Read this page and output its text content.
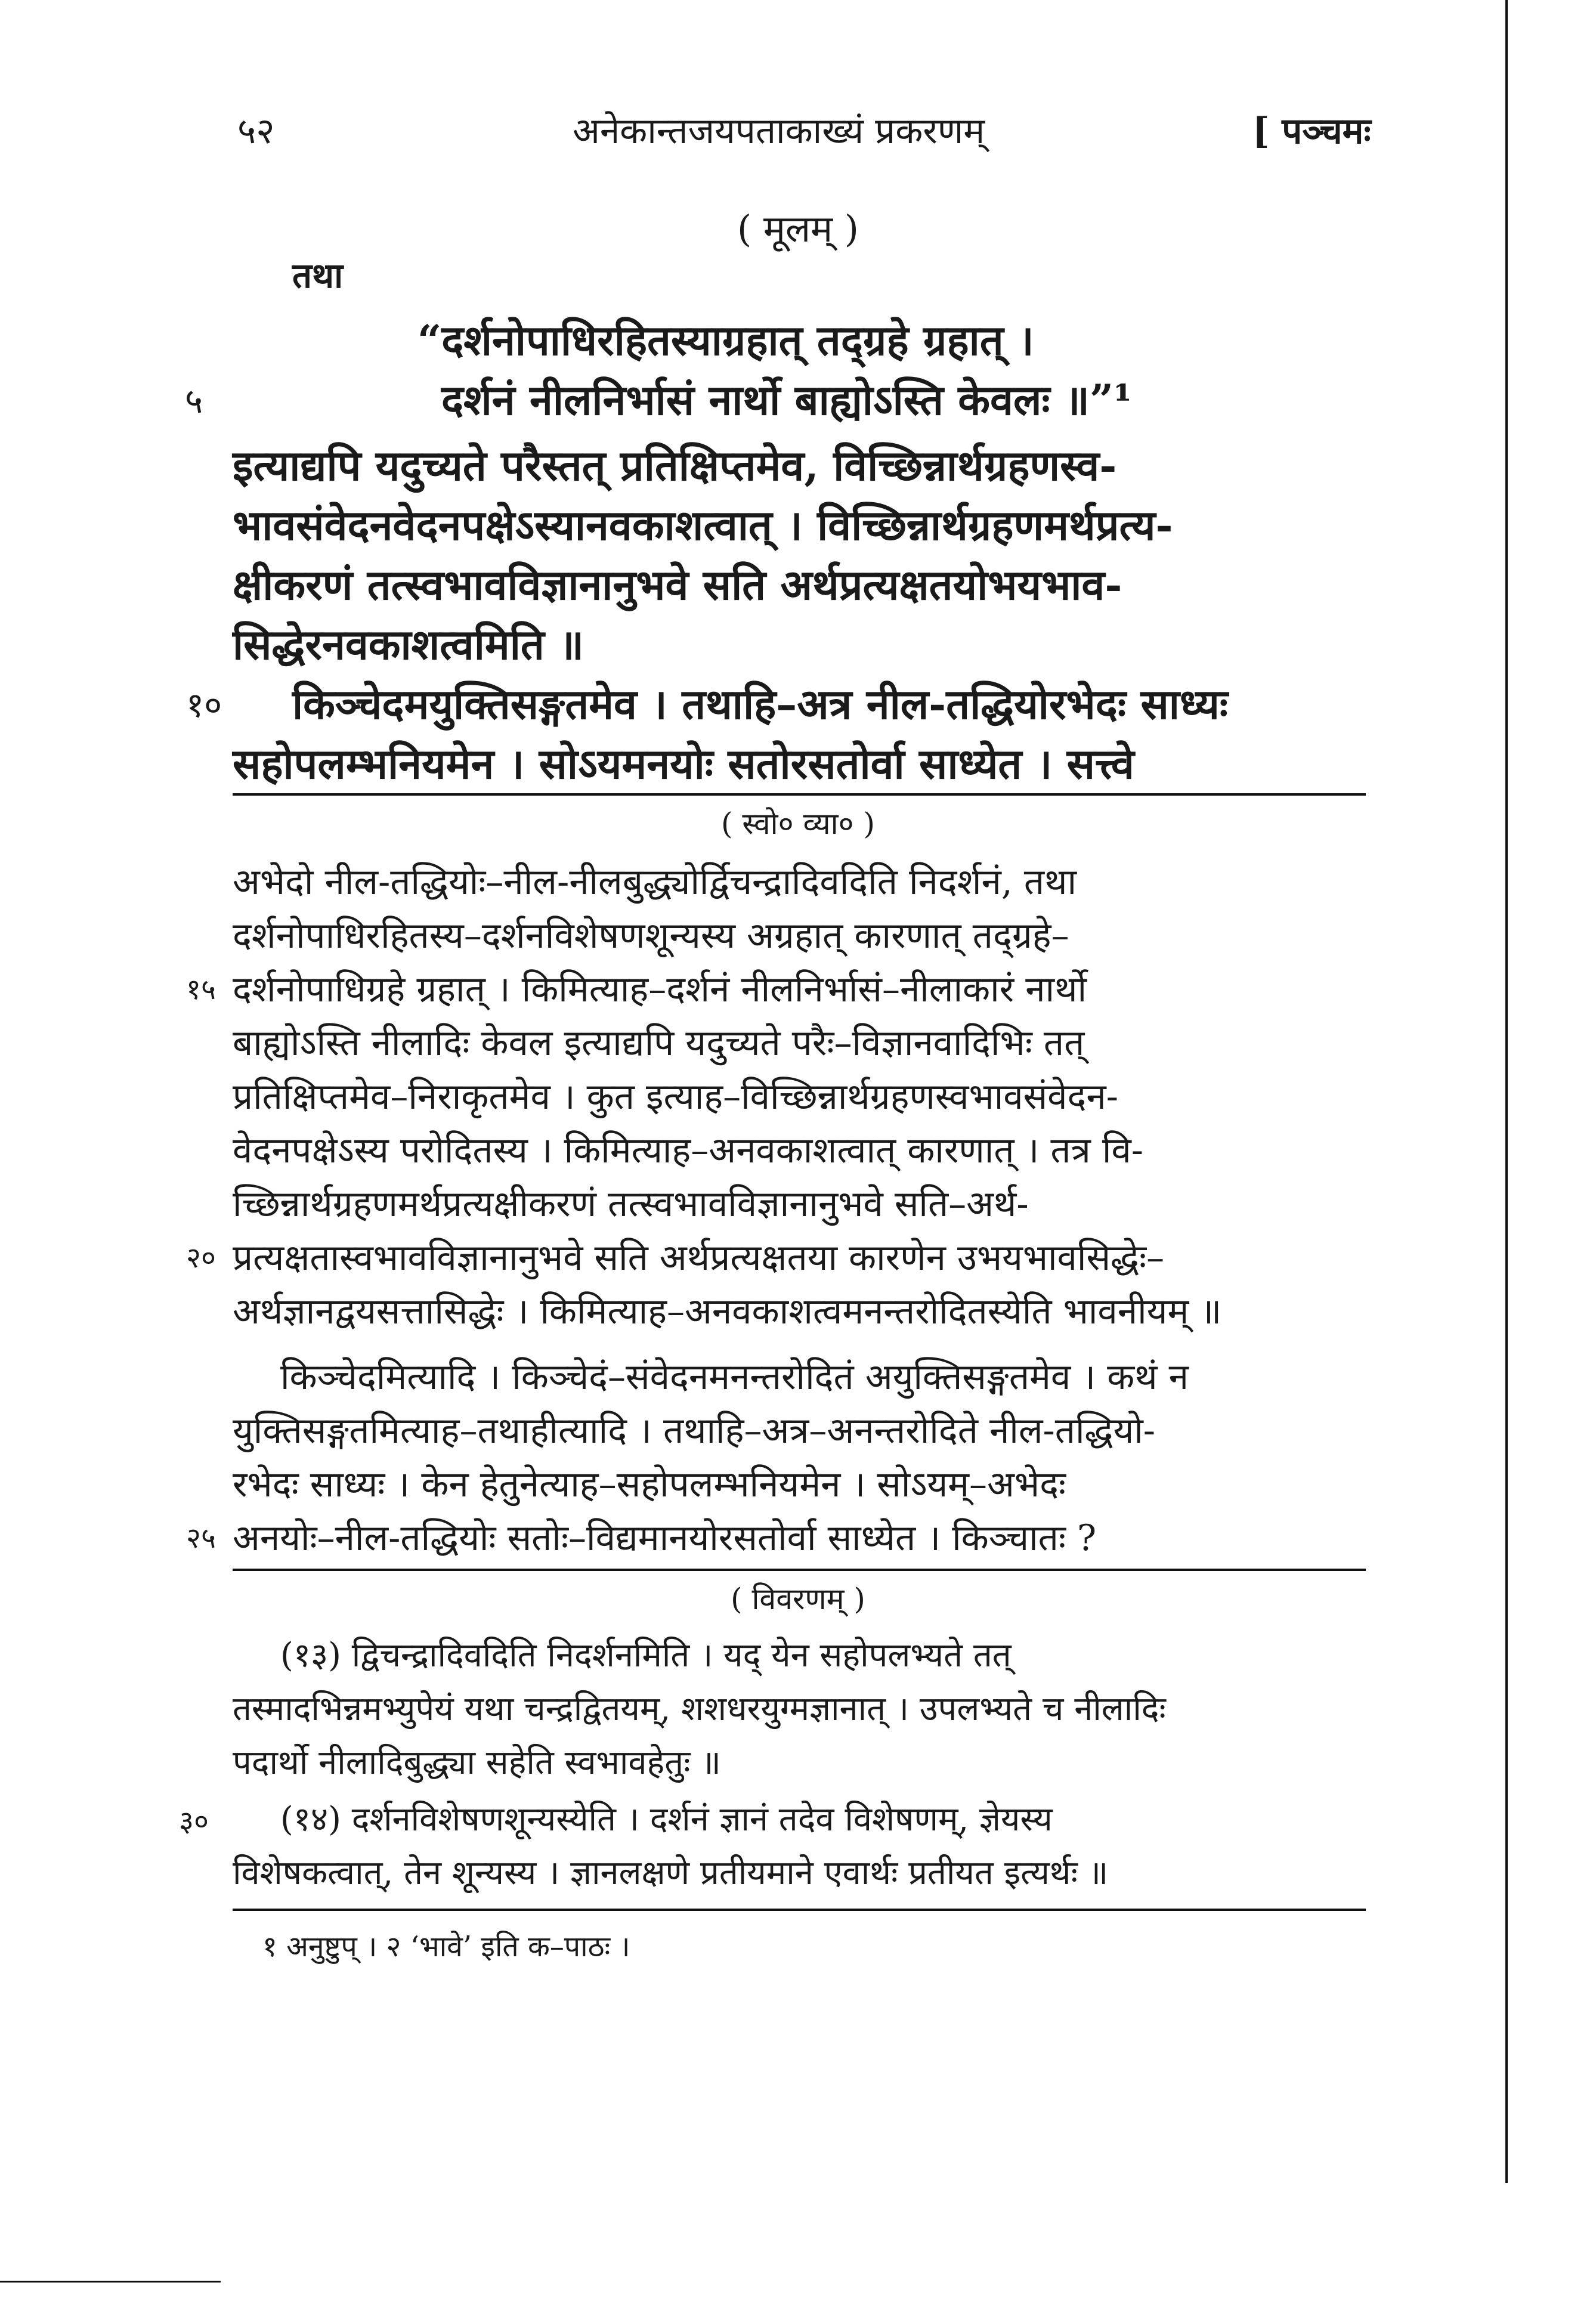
५२	अनेकान्तजयपताकाख्यं प्रकरणम्	[ पञ्चमः
( मूलम् )
तथा
“दर्शनोपाधिरहितस्याग्रहात् तद्ग्रहे ग्रहात् ।
५	दर्शनं नीलनिर्भासं नार्थो बाह्योऽस्ति केवलः ॥”¹
इत्याद्यपि यदुच्यते परैस्तत् प्रतिक्षिप्तमेव, विच्छिन्नार्थग्रहणस्व-
भावसंवेदनवेदनपक्षेऽस्यानवकाशत्वात् । विच्छिन्नार्थग्रहणमर्थप्रत्य-
क्षीकरणं तत्स्वभावविज्ञानानुभवे सति अर्थप्रत्यक्षतयोभयभाव-
सिद्धेरनवकाशत्वमिति ॥
१० किञ्चेदमयुक्तिसङ्गतमेव । तथाहि–अत्र नील-तद्धियोरभेदः साध्यः
सहोपलम्भनियमेन । सोऽयमनयोः सतोरसतोर्वा साध्येत । सत्त्वे
( स्वो० व्या० )
अभेदो नील-तद्धियोः–नील-नीलबुद्ध्योर्द्विचन्द्रादिवदिति निदर्शनं, तथा
दर्शनोपाधिरहितस्य–दर्शनविशेषणशून्यस्य अग्रहात् कारणात् तद्ग्रहे–
१५ दर्शनोपाधिग्रहे ग्रहात् । किमित्याह–दर्शनं नीलनिर्भासं–नीलाकारं नार्थो
बाह्योऽस्ति नीलादिः केवल इत्याद्यपि यदुच्यते परैः–विज्ञानवादिभिः तत्
प्रतिक्षिप्तमेव–निराकृतमेव । कुत इत्याह–विच्छिन्नार्थग्रहणस्वभावसंवेदन-
वेदनपक्षेऽस्य परोदितस्य । किमित्याह–अनवकाशत्वात् कारणात् । तत्र वि-
च्छिन्नार्थग्रहणमर्थप्रत्यक्षीकरणं तत्स्वभावविज्ञानानुभवे सति–अर्थ-
२० प्रत्यक्षतास्वभावविज्ञानानुभवे सति अर्थप्रत्यक्षतया कारणेन उभयभावसिद्धेः–
अर्थज्ञानद्वयसत्तासिद्धेः । किमित्याह–अनवकाशत्वमनन्तरोदितस्येति भावनीयम् ॥
किञ्चेदमित्यादि । किञ्चेदं–संवेदनमनन्तरोदितं अयुक्तिसङ्गतमेव । कथं न
युक्तिसङ्गतमित्याह–तथाहीत्यादि । तथाहि–अत्र–अनन्तरोदिते नील-तद्धियो-
रभेदः साध्यः । केन हेतुनेत्याह–सहोपलम्भनियमेन । सोऽयम्–अभेदः
२५ अनयोः–नील-तद्धियोः सतोः–विद्यमानयोरसतोर्वा साध्येत । किञ्चातः ?
( विवरणम् )
(१३) द्विचन्द्रादिवदिति निदर्शनमिति । यद् येन सहोपलभ्यते तत्
तस्मादभिन्नमभ्युपेयं यथा चन्द्रद्वितयम्, शशधरयुग्मज्ञानात् । उपलभ्यते च नीलादिः
पदार्थो नीलादिबुद्ध्या सहेति स्वभावहेतुः ॥
३० (१४) दर्शनविशेषणशून्यस्येति । दर्शनं ज्ञानं तदेव विशेषणम्, ज्ञेयस्य
विशेषकत्वात्, तेन शून्यस्य । ज्ञानलक्षणे प्रतीयमाने एवार्थः प्रतीयत इत्यर्थः ॥
१ अनुष्टुप् । २ ‘भावे’ इति क–पाठः ।
